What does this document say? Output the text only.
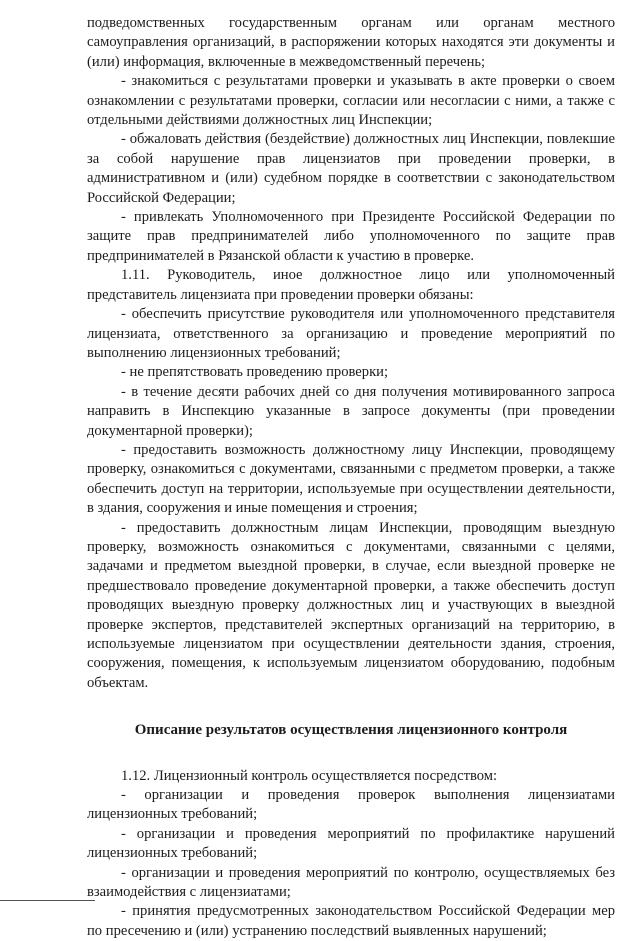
подведомственных государственным органам или органам местного самоуправления организаций, в распоряжении которых находятся эти документы и (или) информация, включенные в межведомственный перечень;

- знакомиться с результатами проверки и указывать в акте проверки о своем ознакомлении с результатами проверки, согласии или несогласии с ними, а также с отдельными действиями должностных лиц Инспекции;

- обжаловать действия (бездействие) должностных лиц Инспекции, повлекшие за собой нарушение прав лицензиатов при проведении проверки, в административном и (или) судебном порядке в соответствии с законодательством Российской Федерации;

- привлекать Уполномоченного при Президенте Российской Федерации по защите прав предпринимателей либо уполномоченного по защите прав предпринимателей в Рязанской области к участию в проверке.

1.11. Руководитель, иное должностное лицо или уполномоченный представитель лицензиата при проведении проверки обязаны:

- обеспечить присутствие руководителя или уполномоченного представителя лицензиата, ответственного за организацию и проведение мероприятий по выполнению лицензионных требований;

- не препятствовать проведению проверки;

- в течение десяти рабочих дней со дня получения мотивированного запроса направить в Инспекцию указанные в запросе документы (при проведении документарной проверки);

- предоставить возможность должностному лицу Инспекции, проводящему проверку, ознакомиться с документами, связанными с предметом проверки, а также обеспечить доступ на территории, используемые при осуществлении деятельности, в здания, сооружения и иные помещения и строения;

- предоставить должностным лицам Инспекции, проводящим выездную проверку, возможность ознакомиться с документами, связанными с целями, задачами и предметом выездной проверки, в случае, если выездной проверке не предшествовало проведение документарной проверки, а также обеспечить доступ проводящих выездную проверку должностных лиц и участвующих в выездной проверке экспертов, представителей экспертных организаций на территорию, в используемые лицензиатом при осуществлении деятельности здания, строения, сооружения, помещения, к используемым лицензиатом оборудованию, подобным объектам.

Описание результатов осуществления лицензионного контроля

1.12. Лицензионный контроль осуществляется посредством:

- организации и проведения проверок выполнения лицензиатами лицензионных требований;

- организации и проведения мероприятий по профилактике нарушений лицензионных требований;

- организации и проведения мероприятий по контролю, осуществляемых без взаимодействия с лицензиатами;

- принятия предусмотренных законодательством Российской Федерации мер по пресечению и (или) устранению последствий выявленных нарушений;
